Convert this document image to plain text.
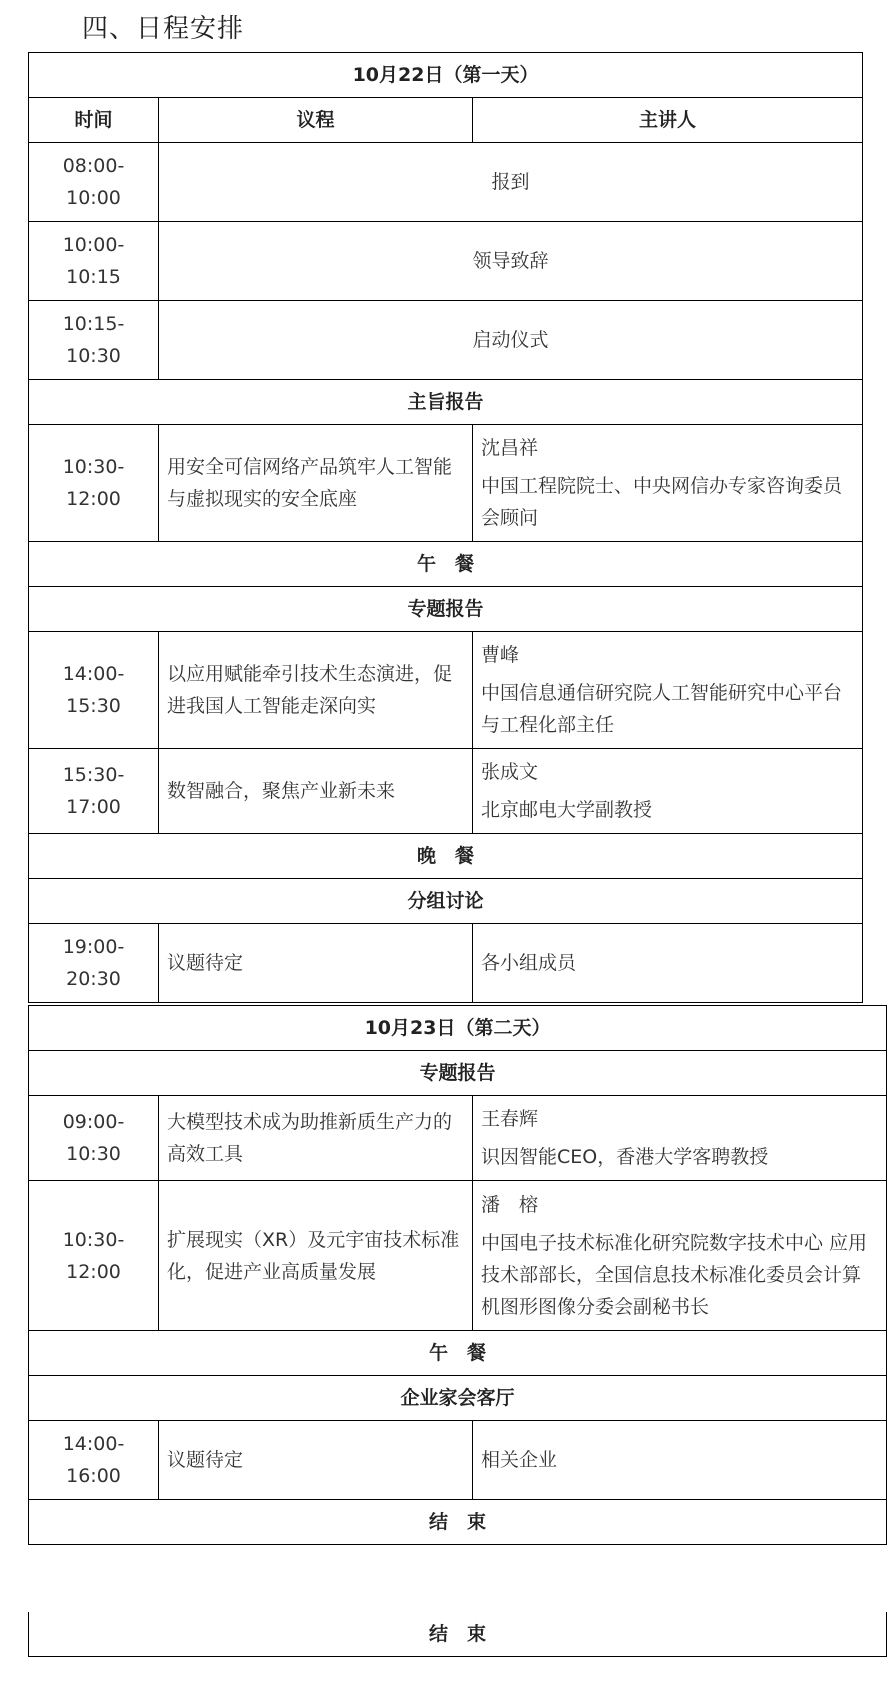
四、日程安排
10月22日（第一天）		
时间	议程	主讲人
08:00-10:00	报到	
10:00-10:15	领导致辞	
10:15-10:30	启动仪式	
主旨报告		
10:30-12:00	用安全可信网络产品筑牢人工智能与虚拟现实的安全底座	沈昌祥
中国工程院院士、中央网信办专家咨询委员会顾问

午　餐		
专题报告		
14:00-15:30	以应用赋能牵引技术生态演进，促进我国人工智能走深向实	曹峰
中国信息通信研究院人工智能研究中心平台与工程化部主任

15:30-17:00	数智融合，聚焦产业新未来	张成文
北京邮电大学副教授

晚　餐		
分组讨论		
19:00-20:30	议题待定	各小组成员
10月23日（第二天）		
专题报告		
09:00-10:30	大模型技术成为助推新质生产力的高效工具	王春辉
识因智能CEO，香港大学客聘教授

10:30-12:00	扩展现实（XR）及元宇宙技术标准化，促进产业高质量发展	潘　榕
中国电子技术标准化研究院数字技术中心 应用技术部部长，全国信息技术标准化委员会计算机图形图像分委会副秘书长

午　餐		
企业家会客厅		
14:00-16:00	议题待定	相关企业
结　束		
结　束
